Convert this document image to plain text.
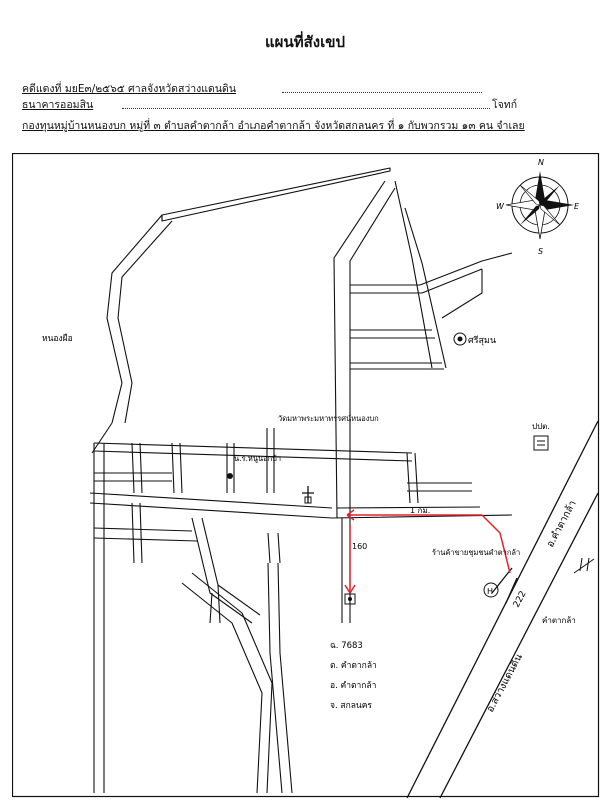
แผนที่สังเขป
คดีแดงที่ มยE๓/๒๕๖๕ ศาลจังหวัดสว่างแดนดิน
ธนาคารออมสิน	โจทก์
กองทุนหมู่บ้านหนองบก หมู่ที่ ๓ ตำบลคำตากล้า อำเภอคำตากล้า จังหวัดสกลนคร ที่ ๑ กับพวกรวม ๑๓ คน จำเลย
N
S
E
W
H
หนองผือ	ศรีสุมน
วัดมหาพระมหาทรรศน์หนองบก
น.ร.หนูนอกบ้า
ปปต.
1 กม.
160
ร้านค้าขายชุมชนคำตากล้า
222
อ.สว่างแดนดิน
อ.คำตากล้า
คำตากล้า
ฉ. 7683
ต. คำตากล้า
อ. คำตากล้า
จ. สกลนคร
